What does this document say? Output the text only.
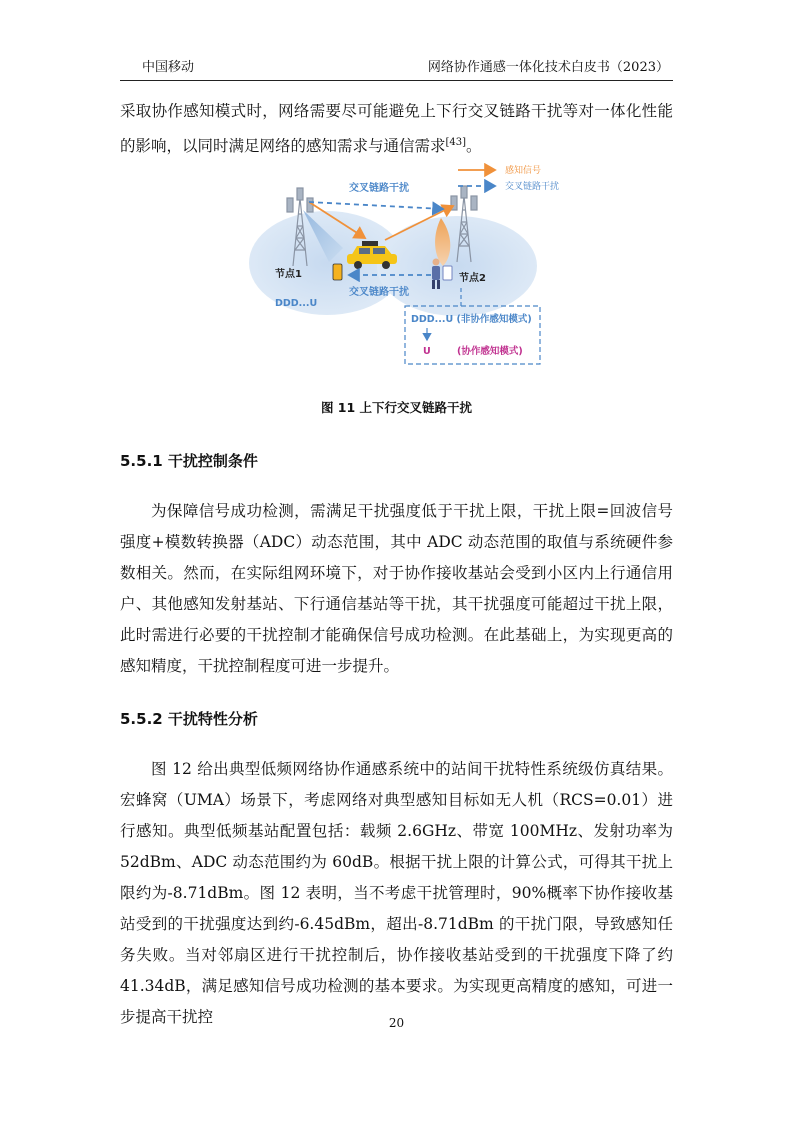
中国移动	网络协作通感一体化技术白皮书（2023）

采取协作感知模式时，网络需要尽可能避免上下行交叉链路干扰等对一体化性能的影响，以同时满足网络的感知需求与通信需求[43]。

交叉链路干扰
交叉链路干扰
节点1	节点2
DDD...U
感知信号
交叉链路干扰
DDD...U (非协作感知模式)
U	(协作感知模式)
图 11 上下行交叉链路干扰
5.5.1 干扰控制条件

为保障信号成功检测，需满足干扰强度低于干扰上限，干扰上限=回波信号强度+模数转换器（ADC）动态范围，其中 ADC 动态范围的取值与系统硬件参数相关。然而，在实际组网环境下，对于协作接收基站会受到小区内上行通信用户、其他感知发射基站、下行通信基站等干扰，其干扰强度可能超过干扰上限，此时需进行必要的干扰控制才能确保信号成功检测。在此基础上，为实现更高的感知精度，干扰控制程度可进一步提升。

5.5.2 干扰特性分析

图 12 给出典型低频网络协作通感系统中的站间干扰特性系统级仿真结果。宏蜂窝（UMA）场景下，考虑网络对典型感知目标如无人机（RCS=0.01）进行感知。典型低频基站配置包括：载频 2.6GHz、带宽 100MHz、发射功率为 52dBm、ADC 动态范围约为 60dB。根据干扰上限的计算公式，可得其干扰上限约为-8.71dBm。图 12 表明，当不考虑干扰管理时，90%概率下协作接收基站受到的干扰强度达到约-6.45dBm，超出-8.71dBm 的干扰门限，导致感知任务失败。当对邻扇区进行干扰控制后，协作接收基站受到的干扰强度下降了约 41.34dB，满足感知信号成功检测的基本要求。为实现更高精度的感知，可进一步提高干扰控	20
